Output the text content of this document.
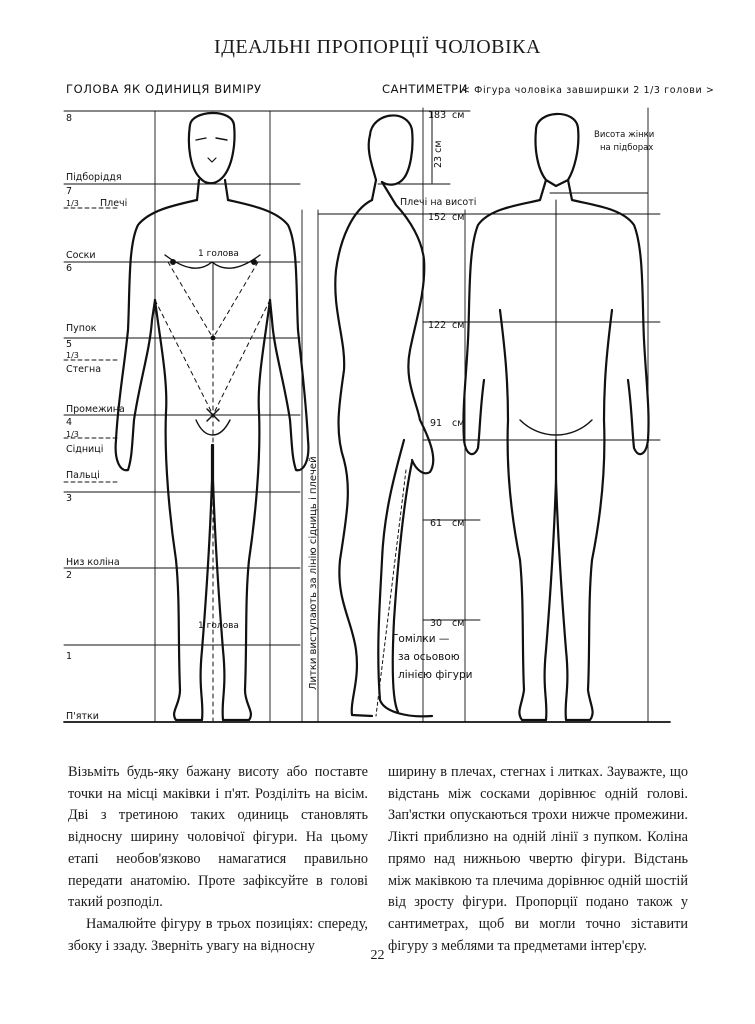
ІДЕАЛЬНІ ПРОПОРЦІЇ ЧОЛОВІКА
ГОЛОВА ЯК ОДИНИЦЯ ВИМІРУ	САНТИМЕТРИ
< Фігура чоловіка завширшки 2 1/3 голови >
8
Підборіддя
7
1/3 Плечі
Соски
6
Пупок
5
1/3
Стегна
Промежина
4
1/3
Сідниці
Пальці
3
Низ коліна
2
1
П'ятки
1 голова
1 голова
183 см
23 см
Плечі на висоті
152 см
122 см
91 см
61 см
30 см
Литки виступають за лінію сідниць і плечей	Гомілки —
за осьовою
лінією фігури
Висота жінки
на підборах

Візьміть будь-яку бажану висоту або поставте точки на місці маківки і п'ят. Розділіть на вісім. Дві з третиною таких одиниць становлять відносну ширину чоловічої фігури. На цьому етапі необов'язково намагатися правильно передати анатомію. Проте зафіксуйте в голові такий розподіл.

Намалюйте фігуру в трьох позиціях: спереду, збоку і ззаду. Зверніть увагу на відносну

ширину в плечах, стегнах і литках. Зауважте, що відстань між сосками дорівнює одній голові. Зап'ястки опускаються трохи нижче промежини. Лікті приблизно на одній лінії з пупком. Коліна прямо над нижньою чвертю фігури. Відстань між маківкою та плечима дорівнює одній шостій від зросту фігури. Пропорції подано також у сантиметрах, щоб ви могли точно зіставити фігуру з меблями та предметами інтер'єру.

22
